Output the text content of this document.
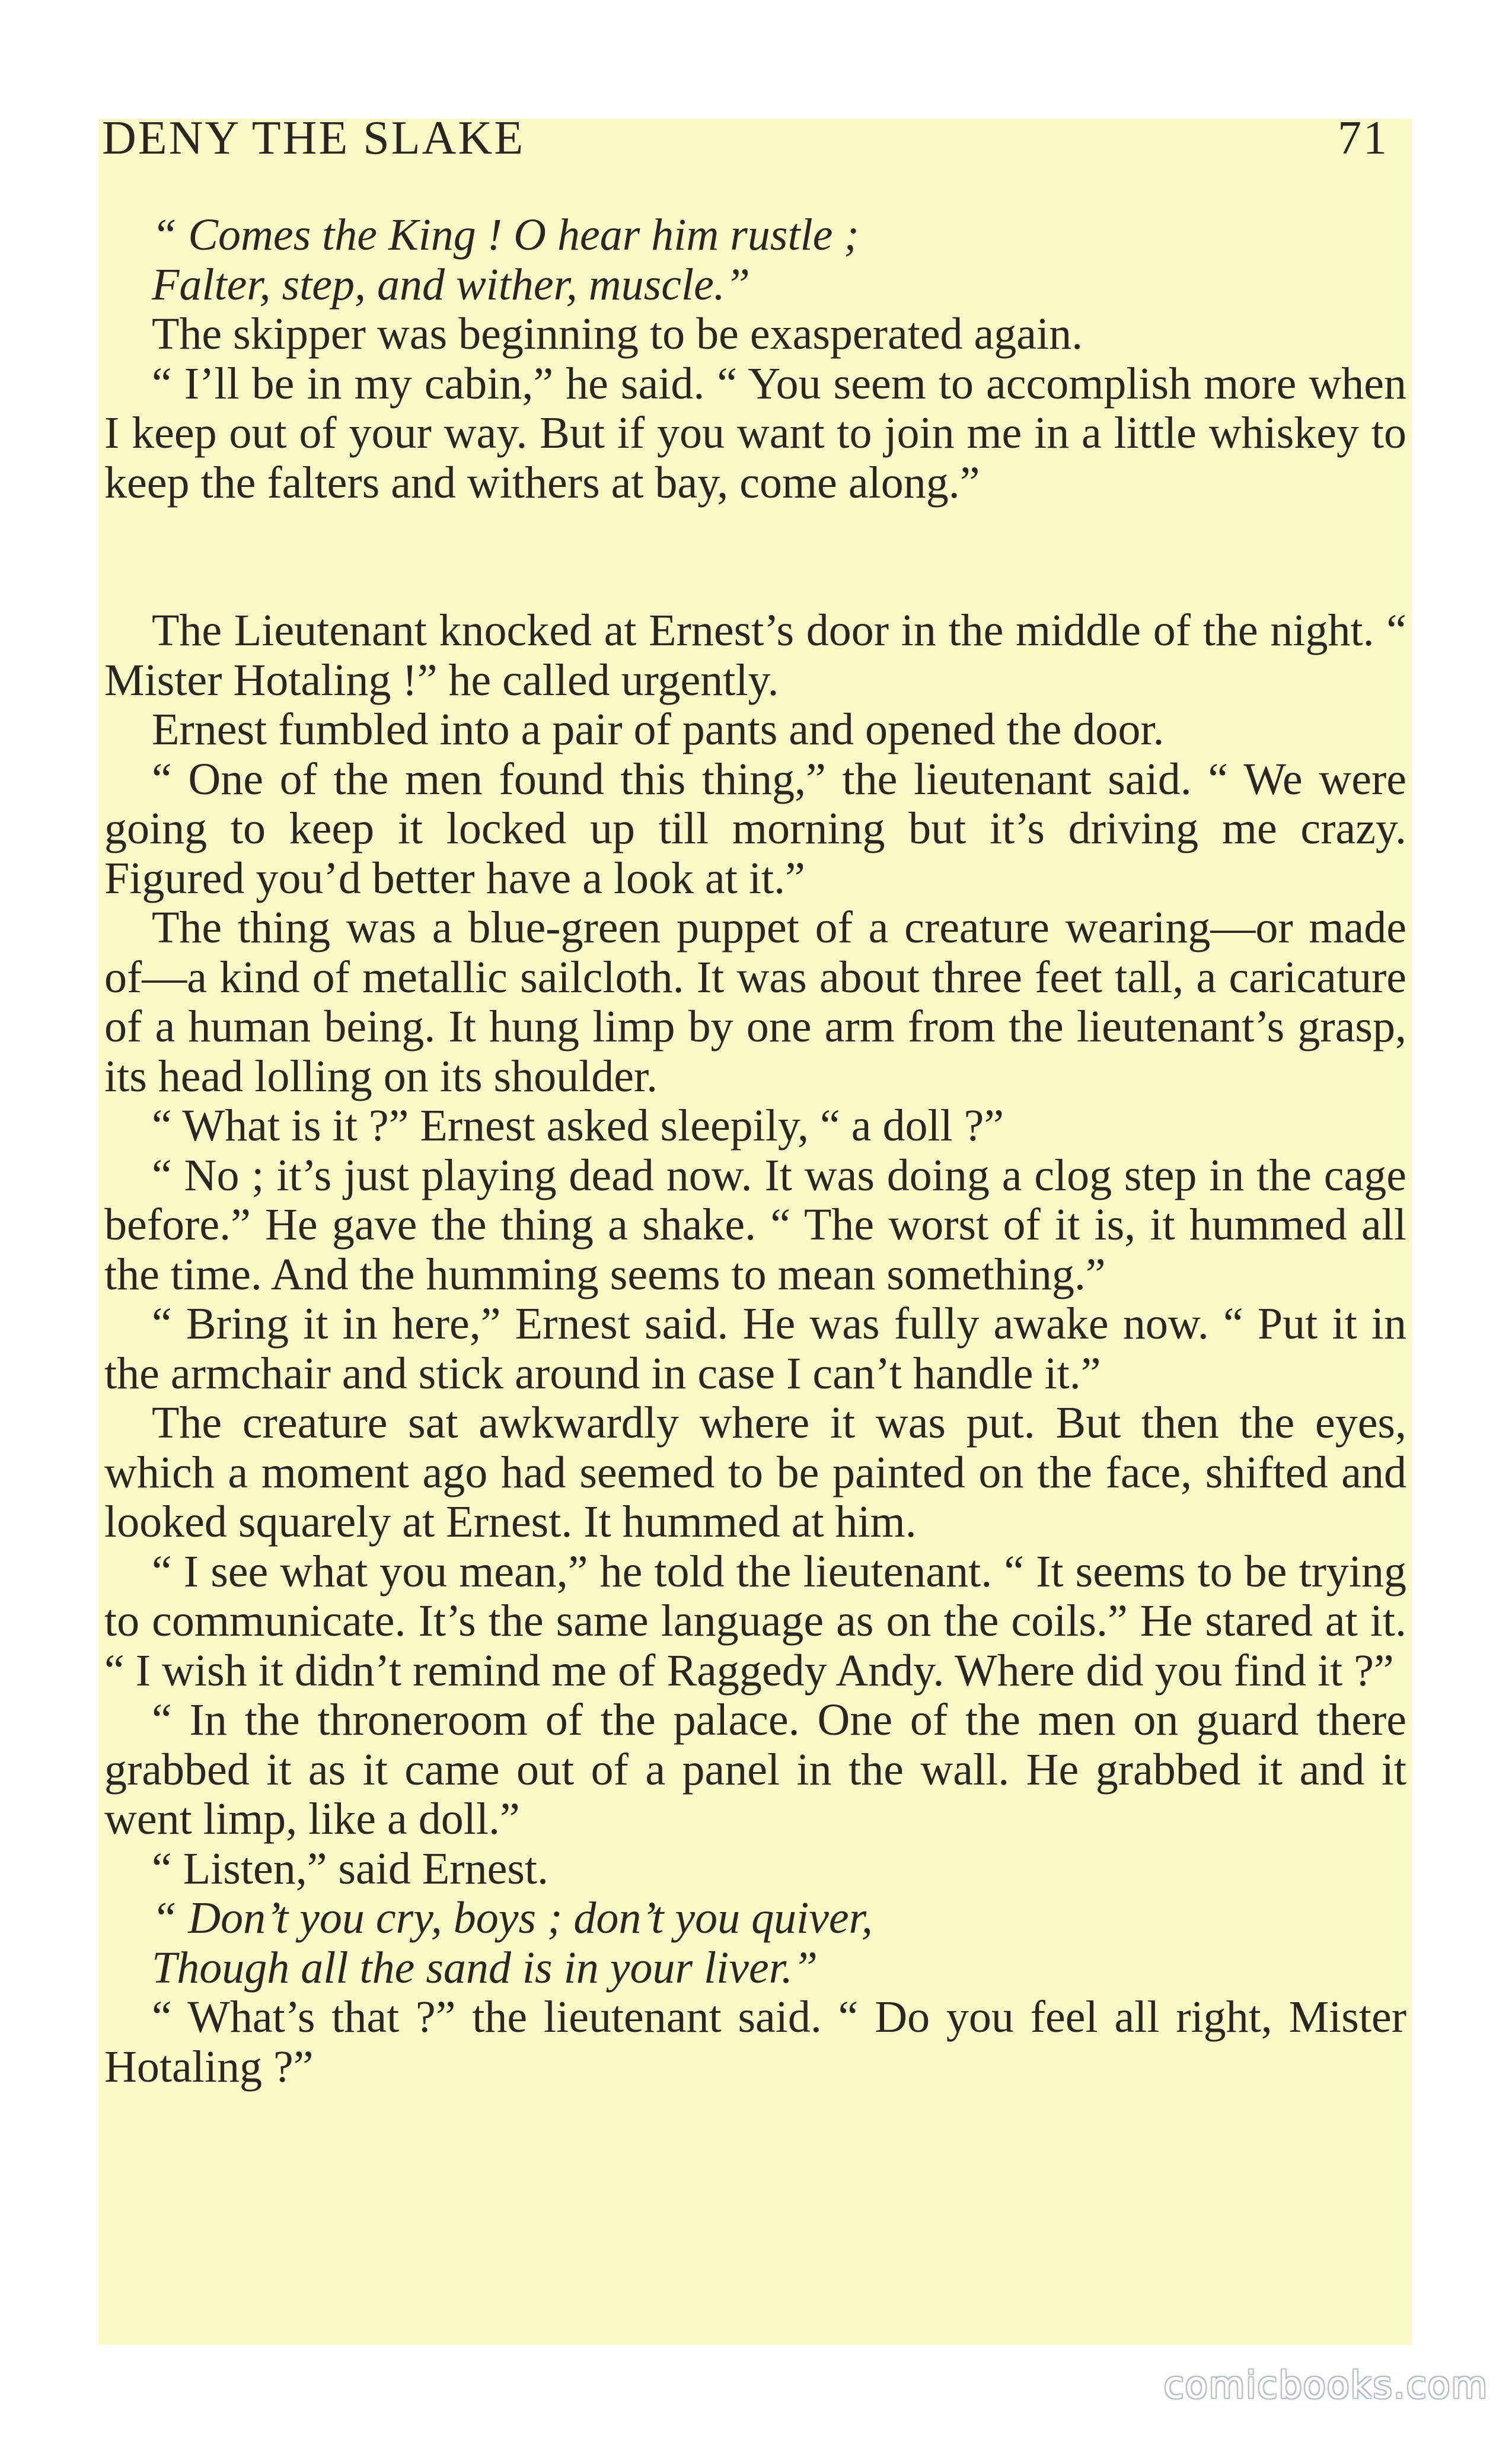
DENY THE SLAKE	71

“ Comes the King ! O hear him rustle ;

Falter, step, and wither, muscle.”

The skipper was beginning to be exasperated again.

“ I’ll be in my cabin,” he said. “ You seem to accomplish more when I keep out of your way. But if you want to join me in a little whiskey to keep the falters and withers at bay, come along.”

The Lieutenant knocked at Ernest’s door in the middle of the night. “ Mister Hotaling !” he called urgently.

Ernest fumbled into a pair of pants and opened the door.

“ One of the men found this thing,” the lieutenant said. “ We were going to keep it locked up till morning but it’s driving me crazy. Figured you’d better have a look at it.”

The thing was a blue-green puppet of a creature wearing—or made of—a kind of metallic sailcloth. It was about three feet tall, a caricature of a human being. It hung limp by one arm from the lieutenant’s grasp, its head lolling on its shoulder.

“ What is it ?” Ernest asked sleepily, “ a doll ?”

“ No ; it’s just playing dead now. It was doing a clog step in the cage before.” He gave the thing a shake. “ The worst of it is, it hummed all the time. And the humming seems to mean something.”

“ Bring it in here,” Ernest said. He was fully awake now. “ Put it in the armchair and stick around in case I can’t handle it.”

The creature sat awkwardly where it was put. But then the eyes, which a moment ago had seemed to be painted on the face, shifted and looked squarely at Ernest. It hummed at him.

“ I see what you mean,” he told the lieutenant. “ It seems to be trying to communicate. It’s the same language as on the coils.” He stared at it. “ I wish it didn’t remind me of Raggedy Andy. Where did you find it ?”

“ In the throneroom of the palace. One of the men on guard there grabbed it as it came out of a panel in the wall. He grabbed it and it went limp, like a doll.”

“ Listen,” said Ernest.

“ Don’t you cry, boys ; don’t you quiver,

Though all the sand is in your liver.”

“ What’s that ?” the lieutenant said. “ Do you feel all right, Mister Hotaling ?”

comicbooks.com
